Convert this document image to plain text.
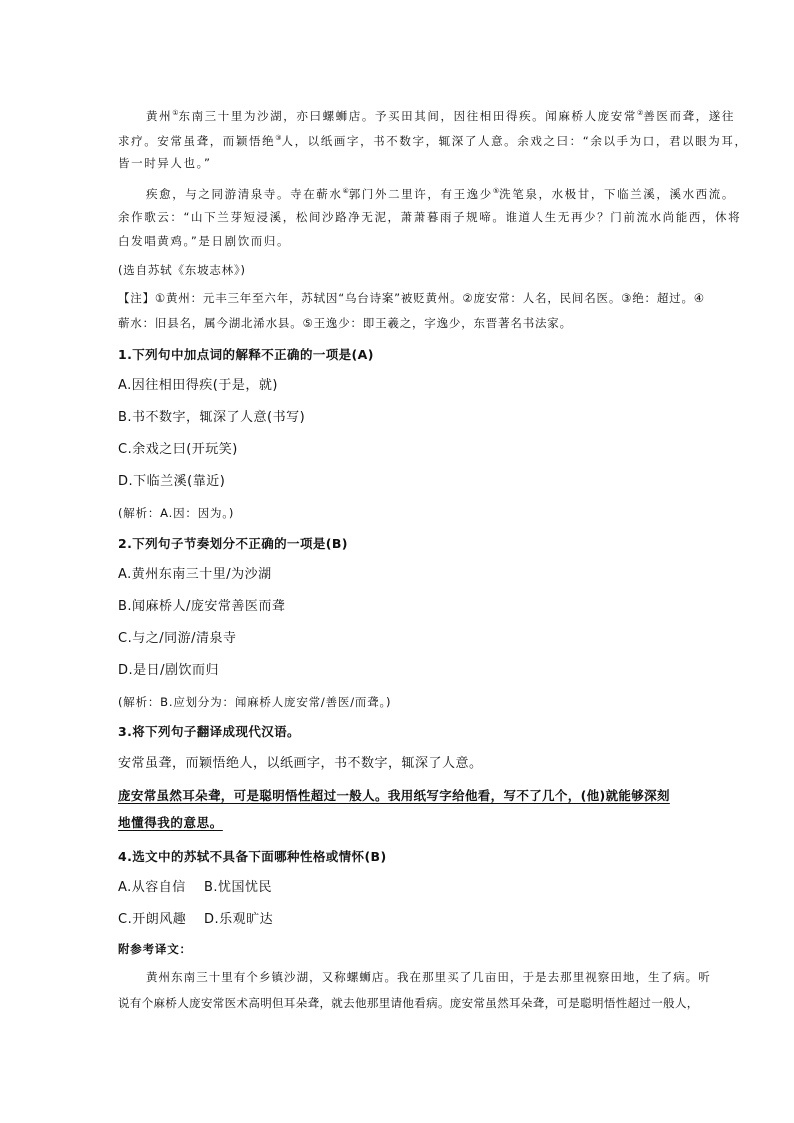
黄州①东南三十里为沙湖，亦曰螺蛳店。予买田其间，因往相田得疾。闻麻桥人庞安常②善医而聋，遂往
求疗。安常虽聋，而颖悟绝③人，以纸画字，书不数字，辄深了人意。余戏之曰：“余以手为口，君以眼为耳，
皆一时异人也。”
疾愈，与之同游清泉寺。寺在蕲水④郭门外二里许，有王逸少⑤洗笔泉，水极甘，下临兰溪，溪水西流。
余作歌云：“山下兰芽短浸溪，松间沙路净无泥，萧萧暮雨子规啼。谁道人生无再少？门前流水尚能西，休将
白发唱黄鸡。”是日剧饮而归。
(选自苏轼《东坡志林》)
【注】①黄州：元丰三年至六年，苏轼因“乌台诗案”被贬黄州。②庞安常：人名，民间名医。③绝：超过。④
蕲水：旧县名，属今湖北浠水县。⑤王逸少：即王羲之，字逸少，东晋著名书法家。
1.下列句中加点词的解释不正确的一项是(A)
A.因往相田得疾(于是，就)
B.书不数字，辄深了人意(书写)
C.余戏之曰(开玩笑)
D.下临兰溪(靠近)
(解析：A.因：因为。)
2.下列句子节奏划分不正确的一项是(B)
A.黄州东南三十里/为沙湖
B.闻麻桥人/庞安常善医而聋
C.与之/同游/清泉寺
D.是日/剧饮而归
(解析：B.应划分为：闻麻桥人庞安常/善医/而聋。)
3.将下列句子翻译成现代汉语。
安常虽聋，而颖悟绝人，以纸画字，书不数字，辄深了人意。
庞安常虽然耳朵聋，可是聪明悟性超过一般人。我用纸写字给他看，写不了几个，(他)就能够深刻
地懂得我的意思。
4.选文中的苏轼不具备下面哪种性格或情怀(B)
A.从容自信 B.忧国忧民
C.开朗风趣 D.乐观旷达
附参考译文：
黄州东南三十里有个乡镇沙湖，又称螺蛳店。我在那里买了几亩田，于是去那里视察田地，生了病。听
说有个麻桥人庞安常医术高明但耳朵聋，就去他那里请他看病。庞安常虽然耳朵聋，可是聪明悟性超过一般人，
